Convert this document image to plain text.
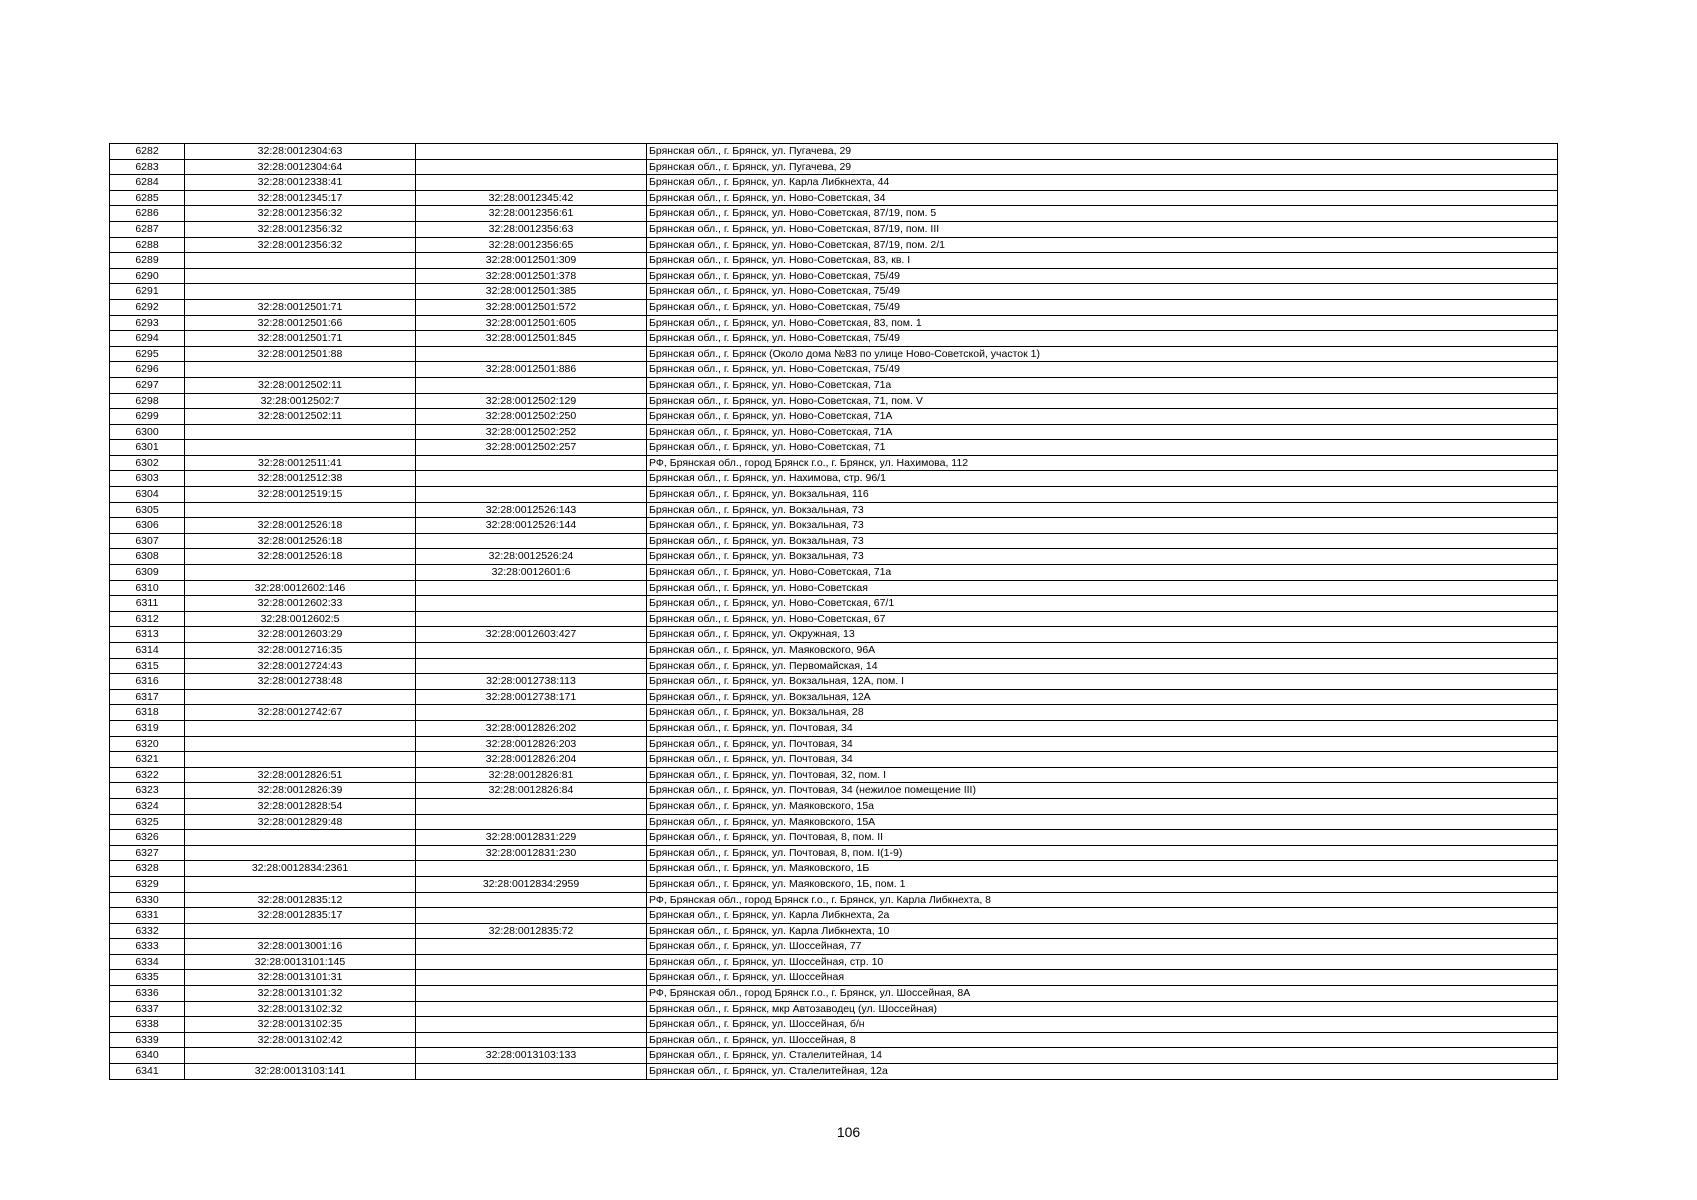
6282	32:28:0012304:63		Брянская обл., г. Брянск, ул. Пугачева, 29
6283	32:28:0012304:64		Брянская обл., г. Брянск, ул. Пугачева, 29
6284	32:28:0012338:41		Брянская обл., г. Брянск, ул. Карла Либкнехта, 44
6285	32:28:0012345:17	32:28:0012345:42	Брянская обл., г. Брянск, ул. Ново-Советская, 34
6286	32:28:0012356:32	32:28:0012356:61	Брянская обл., г. Брянск, ул. Ново-Советская, 87/19, пом. 5
6287	32:28:0012356:32	32:28:0012356:63	Брянская обл., г. Брянск, ул. Ново-Советская, 87/19, пом. III
6288	32:28:0012356:32	32:28:0012356:65	Брянская обл., г. Брянск, ул. Ново-Советская, 87/19, пом. 2/1
6289		32:28:0012501:309	Брянская обл., г. Брянск, ул. Ново-Советская, 83, кв. I
6290		32:28:0012501:378	Брянская обл., г. Брянск, ул. Ново-Советская, 75/49
6291		32:28:0012501:385	Брянская обл., г. Брянск, ул. Ново-Советская, 75/49
6292	32:28:0012501:71	32:28:0012501:572	Брянская обл., г. Брянск, ул. Ново-Советская, 75/49
6293	32:28:0012501:66	32:28:0012501:605	Брянская обл., г. Брянск, ул. Ново-Советская, 83, пом. 1
6294	32:28:0012501:71	32:28:0012501:845	Брянская обл., г. Брянск, ул. Ново-Советская, 75/49
6295	32:28:0012501:88		Брянская обл., г. Брянск (Около дома №83 по улице Ново-Советской, участок 1)
6296		32:28:0012501:886	Брянская обл., г. Брянск, ул. Ново-Советская, 75/49
6297	32:28:0012502:11		Брянская обл., г. Брянск, ул. Ново-Советская, 71а
6298	32:28:0012502:7	32:28:0012502:129	Брянская обл., г. Брянск, ул. Ново-Советская, 71, пом. V
6299	32:28:0012502:11	32:28:0012502:250	Брянская обл., г. Брянск, ул. Ново-Советская, 71А
6300		32:28:0012502:252	Брянская обл., г. Брянск, ул. Ново-Советская, 71А
6301		32:28:0012502:257	Брянская обл., г. Брянск, ул. Ново-Советская, 71
6302	32:28:0012511:41		РФ, Брянская обл., город Брянск г.о., г. Брянск, ул. Нахимова, 112
6303	32:28:0012512:38		Брянская обл., г. Брянск, ул. Нахимова, стр. 96/1
6304	32:28:0012519:15		Брянская обл., г. Брянск, ул. Вокзальная, 116
6305		32:28:0012526:143	Брянская обл., г. Брянск, ул. Вокзальная, 73
6306	32:28:0012526:18	32:28:0012526:144	Брянская обл., г. Брянск, ул. Вокзальная, 73
6307	32:28:0012526:18		Брянская обл., г. Брянск, ул. Вокзальная, 73
6308	32:28:0012526:18	32:28:0012526:24	Брянская обл., г. Брянск, ул. Вокзальная, 73
6309		32:28:0012601:6	Брянская обл., г. Брянск, ул. Ново-Советская, 71а
6310	32:28:0012602:146		Брянская обл., г. Брянск, ул. Ново-Советская
6311	32:28:0012602:33		Брянская обл., г. Брянск, ул. Ново-Советская, 67/1
6312	32:28:0012602:5		Брянская обл., г. Брянск, ул. Ново-Советская, 67
6313	32:28:0012603:29	32:28:0012603:427	Брянская обл., г. Брянск, ул. Окружная, 13
6314	32:28:0012716:35		Брянская обл., г. Брянск, ул. Маяковского, 96А
6315	32:28:0012724:43		Брянская обл., г. Брянск, ул. Первомайская, 14
6316	32:28:0012738:48	32:28:0012738:113	Брянская обл., г. Брянск, ул. Вокзальная, 12А, пом. I
6317		32:28:0012738:171	Брянская обл., г. Брянск, ул. Вокзальная, 12А
6318	32:28:0012742:67		Брянская обл., г. Брянск, ул. Вокзальная, 28
6319		32:28:0012826:202	Брянская обл., г. Брянск, ул. Почтовая, 34
6320		32:28:0012826:203	Брянская обл., г. Брянск, ул. Почтовая, 34
6321		32:28:0012826:204	Брянская обл., г. Брянск, ул. Почтовая, 34
6322	32:28:0012826:51	32:28:0012826:81	Брянская обл., г. Брянск, ул. Почтовая, 32, пом. I
6323	32:28:0012826:39	32:28:0012826:84	Брянская обл., г. Брянск, ул. Почтовая, 34 (нежилое помещение III)
6324	32:28:0012828:54		Брянская обл., г. Брянск, ул. Маяковского, 15а
6325	32:28:0012829:48		Брянская обл., г. Брянск, ул. Маяковского, 15А
6326		32:28:0012831:229	Брянская обл., г. Брянск, ул. Почтовая, 8, пом. II
6327		32:28:0012831:230	Брянская обл., г. Брянск, ул. Почтовая, 8, пом. I(1-9)
6328	32:28:0012834:2361		Брянская обл., г. Брянск, ул. Маяковского, 1Б
6329		32:28:0012834:2959	Брянская обл., г. Брянск, ул. Маяковского, 1Б, пом. 1
6330	32:28:0012835:12		РФ, Брянская обл., город Брянск г.о., г. Брянск, ул. Карла Либкнехта, 8
6331	32:28:0012835:17		Брянская обл., г. Брянск, ул. Карла Либкнехта, 2а
6332		32:28:0012835:72	Брянская обл., г. Брянск, ул. Карла Либкнехта, 10
6333	32:28:0013001:16		Брянская обл., г. Брянск, ул. Шоссейная, 77
6334	32:28:0013101:145		Брянская обл., г. Брянск, ул. Шоссейная, стр. 10
6335	32:28:0013101:31		Брянская обл., г. Брянск, ул. Шоссейная
6336	32:28:0013101:32		РФ, Брянская обл., город Брянск г.о., г. Брянск, ул. Шоссейная, 8А
6337	32:28:0013102:32		Брянская обл., г. Брянск, мкр Автозаводец (ул. Шоссейная)
6338	32:28:0013102:35		Брянская обл., г. Брянск, ул. Шоссейная, б/н
6339	32:28:0013102:42		Брянская обл., г. Брянск, ул. Шоссейная, 8
6340		32:28:0013103:133	Брянская обл., г. Брянск, ул. Сталелитейная, 14
6341	32:28:0013103:141		Брянская обл., г. Брянск, ул. Сталелитейная, 12а
106
